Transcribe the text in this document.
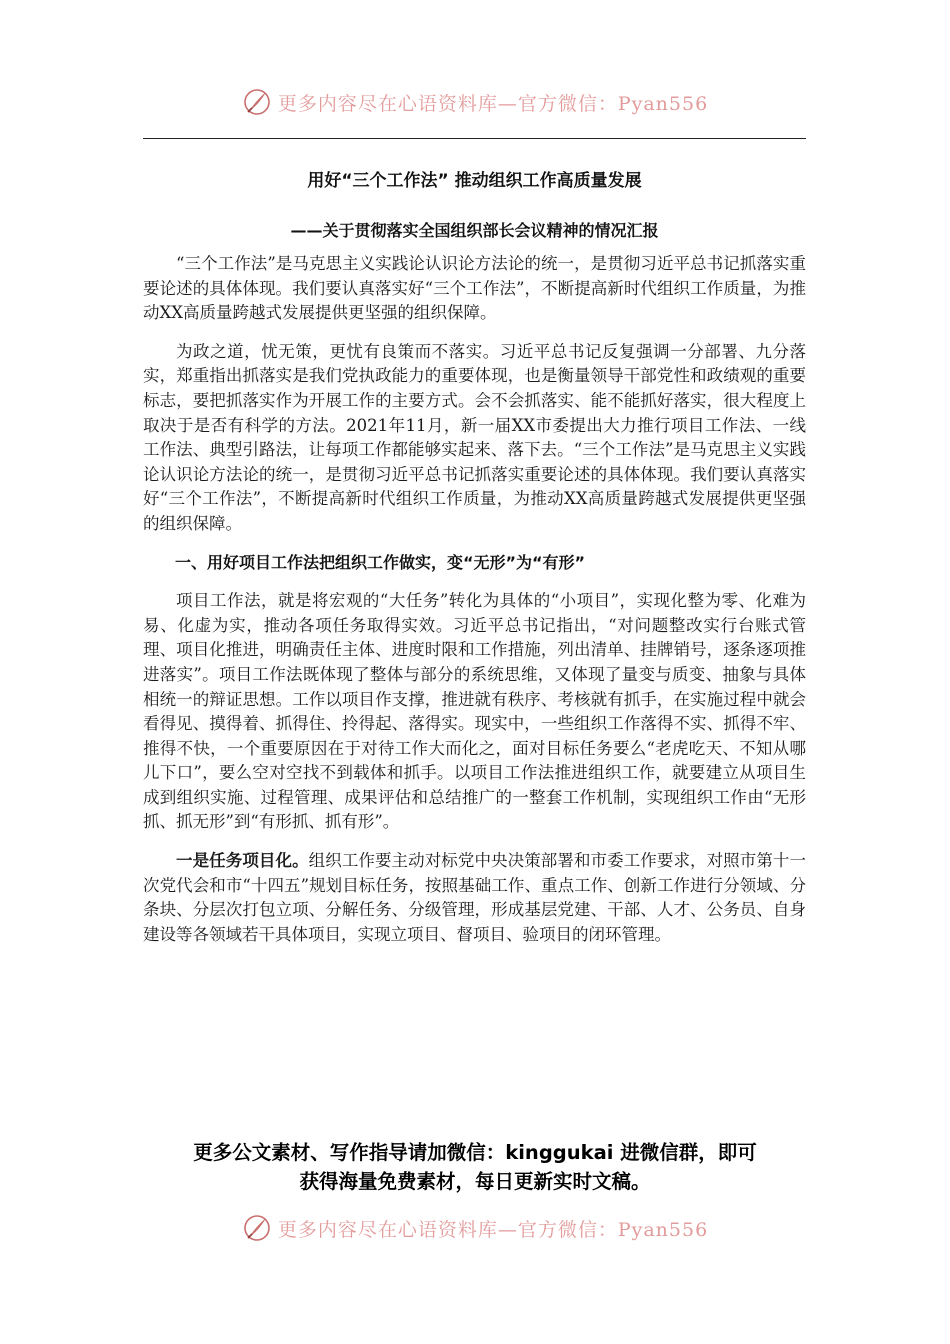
更多内容尽在心语资料库—官方微信：Pyan556
用好“三个工作法” 推动组织工作高质量发展
——关于贯彻落实全国组织部长会议精神的情况汇报

“三个工作法”是马克思主义实践论认识论方法论的统一，是贯彻习近平总书记抓落实重要论述的具体体现。我们要认真落实好“三个工作法”，不断提高新时代组织工作质量，为推动XX高质量跨越式发展提供更坚强的组织保障。

为政之道，忧无策，更忧有良策而不落实。习近平总书记反复强调一分部署、九分落实，郑重指出抓落实是我们党执政能力的重要体现，也是衡量领导干部党性和政绩观的重要标志，要把抓落实作为开展工作的主要方式。会不会抓落实、能不能抓好落实，很大程度上取决于是否有科学的方法。2021年11月，新一届XX市委提出大力推行项目工作法、一线工作法、典型引路法，让每项工作都能够实起来、落下去。“三个工作法”是马克思主义实践论认识论方法论的统一，是贯彻习近平总书记抓落实重要论述的具体体现。我们要认真落实好“三个工作法”，不断提高新时代组织工作质量，为推动XX高质量跨越式发展提供更坚强的组织保障。

一、用好项目工作法把组织工作做实，变“无形”为“有形”

项目工作法，就是将宏观的“大任务”转化为具体的“小项目”，实现化整为零、化难为易、化虚为实，推动各项任务取得实效。习近平总书记指出，“对问题整改实行台账式管理、项目化推进，明确责任主体、进度时限和工作措施，列出清单、挂牌销号，逐条逐项推进落实”。项目工作法既体现了整体与部分的系统思维，又体现了量变与质变、抽象与具体相统一的辩证思想。工作以项目作支撑，推进就有秩序、考核就有抓手，在实施过程中就会看得见、摸得着、抓得住、拎得起、落得实。现实中，一些组织工作落得不实、抓得不牢、推得不快，一个重要原因在于对待工作大而化之，面对目标任务要么“老虎吃天、不知从哪儿下口”，要么空对空找不到载体和抓手。以项目工作法推进组织工作，就要建立从项目生成到组织实施、过程管理、成果评估和总结推广的一整套工作机制，实现组织工作由“无形抓、抓无形”到“有形抓、抓有形”。

一是任务项目化。组织工作要主动对标党中央决策部署和市委工作要求，对照市第十一次党代会和市“十四五”规划目标任务，按照基础工作、重点工作、创新工作进行分领域、分条块、分层次打包立项、分解任务、分级管理，形成基层党建、干部、人才、公务员、自身建设等各领域若干具体项目，实现立项目、督项目、验项目的闭环管理。

更多公文素材、写作指导请加微信：kinggukai 进微信群，即可
获得海量免费素材，每日更新实时文稿。
更多内容尽在心语资料库—官方微信：Pyan556
